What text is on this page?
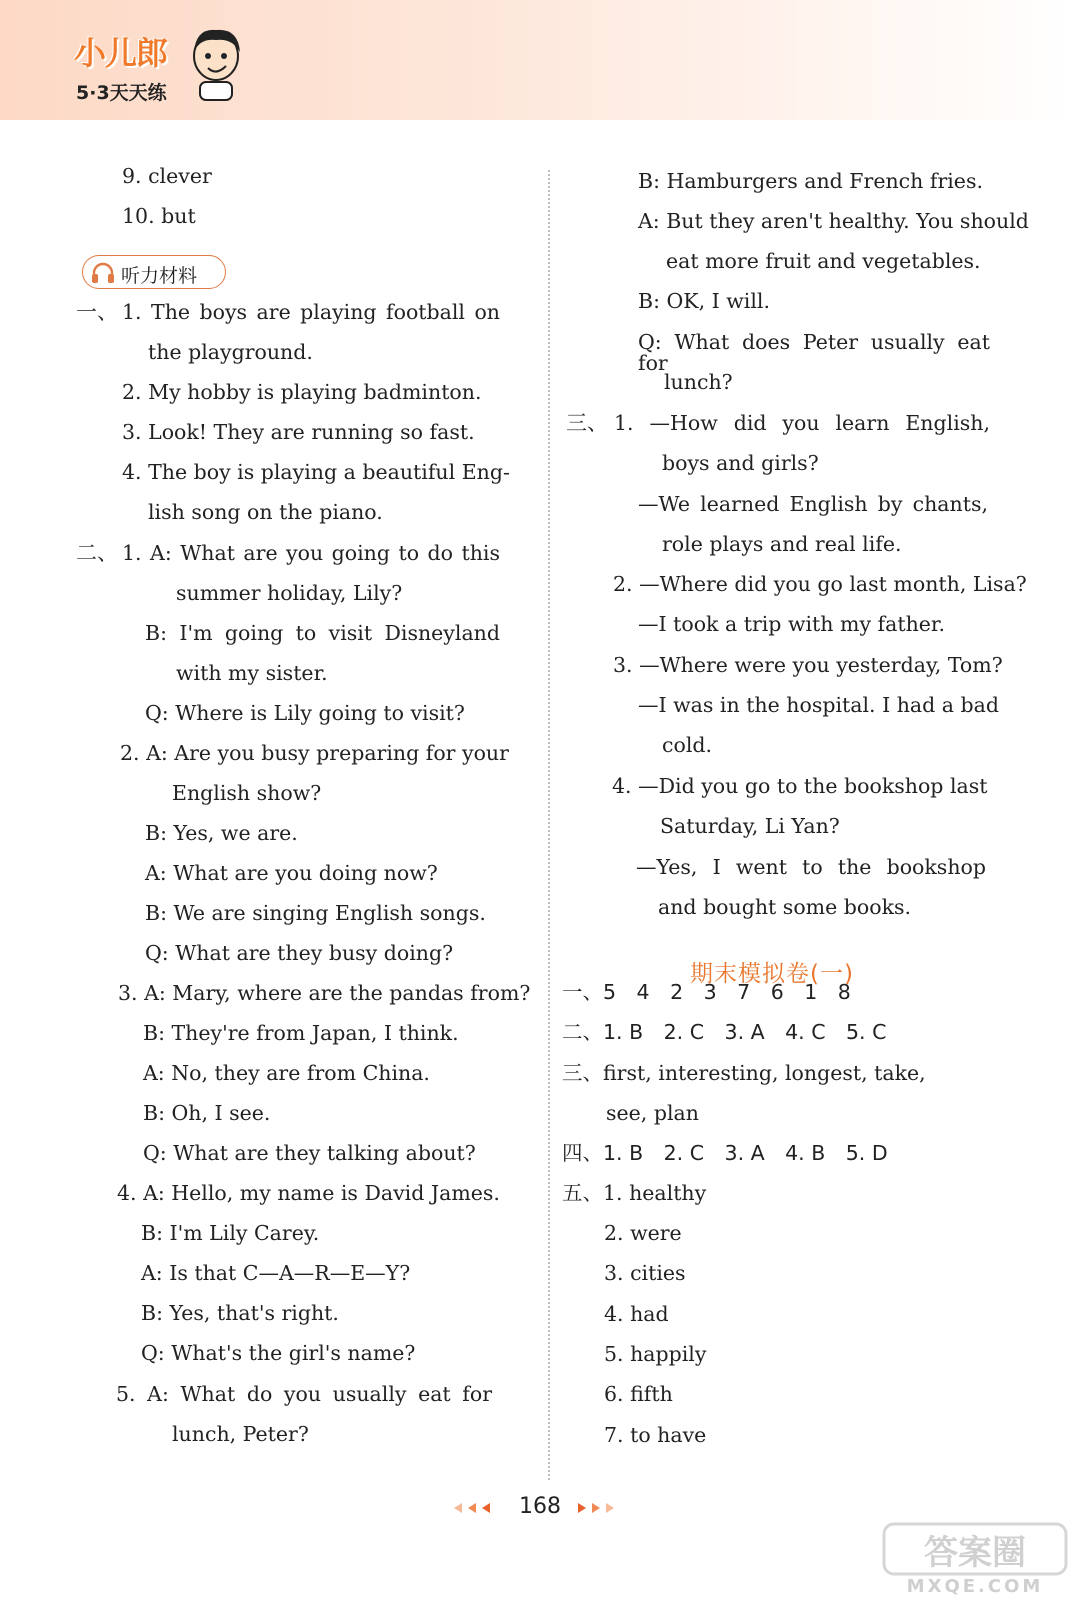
小儿郎
5·3天天练
9. clever
10. but
听力材料
一、 1. The boys are playing football on
the playground.
2. My hobby is playing badminton.
3. Look! They are running so fast.
4. The boy is playing a beautiful Eng-
lish song on the piano.
二、 1. A: What are you going to do this
summer holiday, Lily?
B: I'm going to visit Disneyland
with my sister.
Q: Where is Lily going to visit?
2. A: Are you busy preparing for your
English show?
B: Yes, we are.
A: What are you doing now?
B: We are singing English songs.
Q: What are they busy doing?
3. A: Mary, where are the pandas from?
B: They're from Japan, I think.
A: No, they are from China.
B: Oh, I see.
Q: What are they talking about?
4. A: Hello, my name is David James.
B: I'm Lily Carey.
A: Is that C—A—R—E—Y?
B: Yes, that's right.
Q: What's the girl's name?
5. A: What do you usually eat for
lunch, Peter?
B: Hamburgers and French fries.
A: But they aren't healthy. You should
eat more fruit and vegetables.
B: OK, I will.
Q: What does Peter usually eat for
lunch?
三、 1. —How did you learn English,
boys and girls?
—We learned English by chants,
role plays and real life.
2. —Where did you go last month, Lisa?
—I took a trip with my father.
3. —Where were you yesterday, Tom?
—I was in the hospital. I had a bad
cold.
4. —Did you go to the bookshop last
Saturday, Li Yan?
—Yes, I went to the bookshop
and bought some books.
期末模拟卷(一)
一、5　4　2　3　7　6　1　8
二、1. B　2. C　3. A　4. C　5. C
三、first, interesting, longest, take,
see, plan
四、1. B　2. C　3. A　4. B　5. D
五、1. healthy
2. were
3. cities
4. had
5. happily
6. fifth
7. to have
168
答案圈
MXQE.COM
